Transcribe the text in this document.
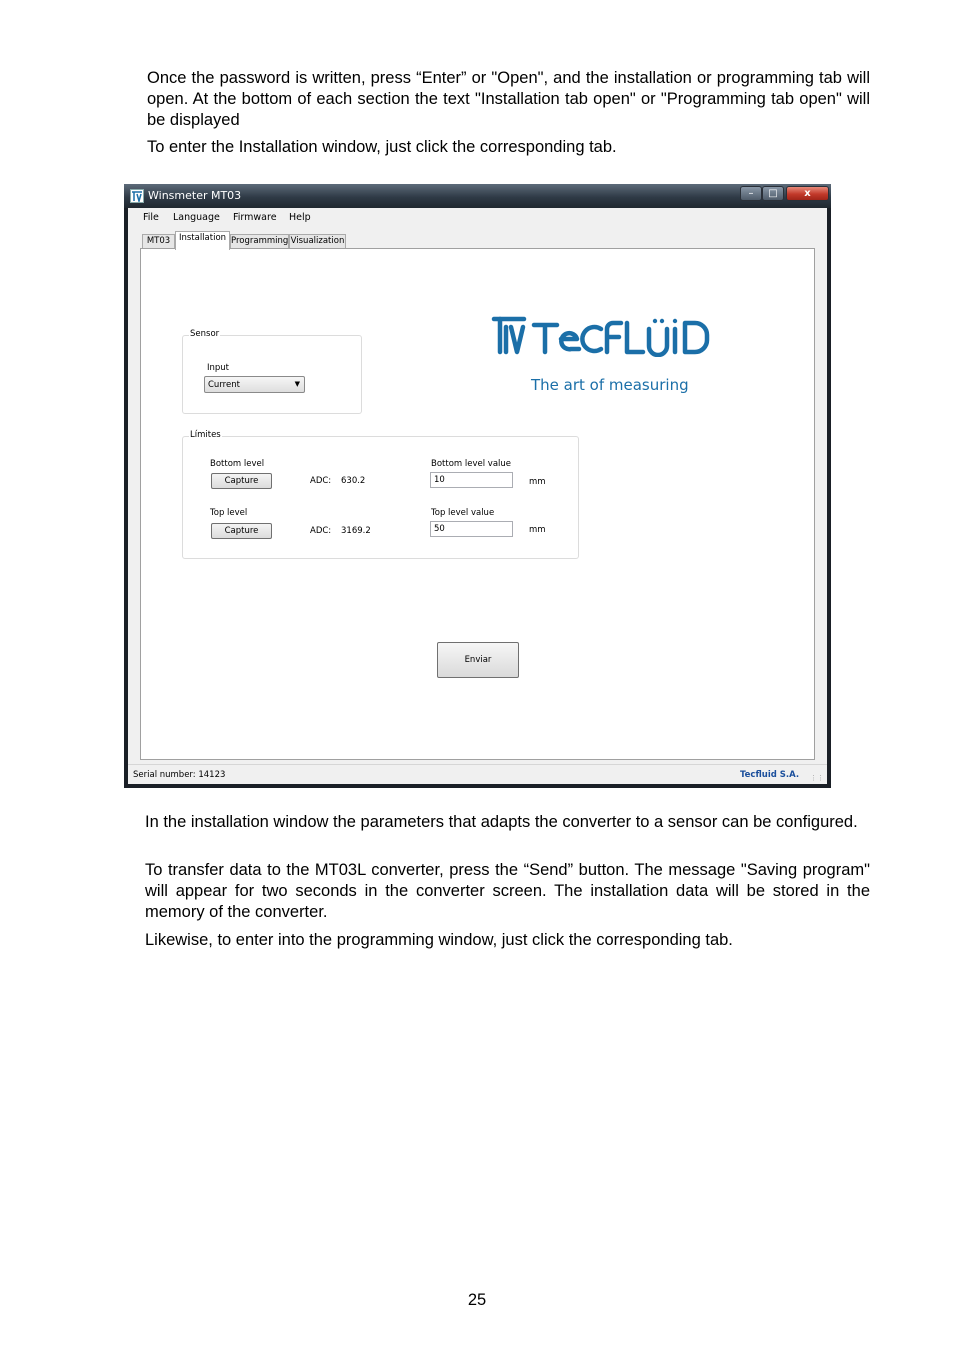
Once the password is written, press “Enter” or "Open", and the installation or programming tab will open. At the bottom of each section the text "Installation tab open" or "Programming tab open" will be displayed

To enter the Installation window, just click the corresponding tab.

Winsmeter MT03	–	□	x
File Language Firmware Help
MT03	Installation Programming Visualization
Sensor
Input
Current	▼
Límites
Bottom level
Capture	ADC: 630.2
Bottom level value
10	mm
Top level
Capture	ADC: 3169.2
Top level value
50	mm
The art of measuring
Enviar
Serial number: 14123	Tecfluid S.A. ⋮⋮

In the installation window the parameters that adapts the converter to a sensor can be configured.

To transfer data to the MT03L converter, press the “Send” button. The message "Saving program" will appear for two seconds in the converter screen. The installation data will be stored in the memory of the converter.

Likewise, to enter into the programming window, just click the corresponding tab.

25
